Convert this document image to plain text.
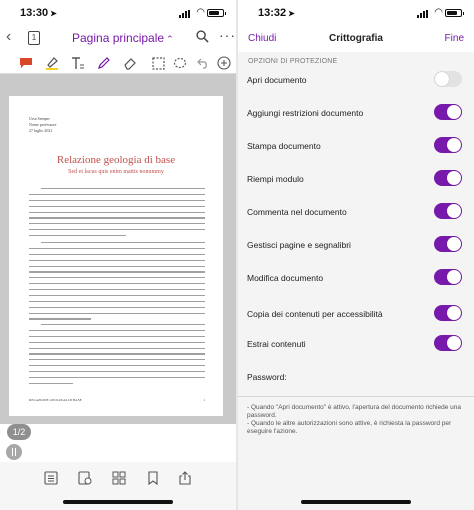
13:30 ➤	◠
‹	1	Pagina principale ⌃	···
Ursa Semper
Nome professore
27 luglio 2021
Relazione geologia di base
Sed et lacus quis enim mattis nonummy
RELAZIONE GEOLOGIA DI BASE	1
1/2
13:32 ➤	◠
Chiudi	Crittografia	Fine
OPZIONI DI PROTEZIONE
Apri documento
Aggiungi restrizioni documento
Stampa documento
Riempi modulo
Commenta nel documento
Gestisci pagine e segnalibri
Modifica documento
Copia dei contenuti per accessibilità
Estrai contenuti
Password:
- Quando "Apri documento" è attivo, l'apertura del documento richiede una password.
- Quando le altre autorizzazioni sono attive, è richiesta la password per eseguire l'azione.
